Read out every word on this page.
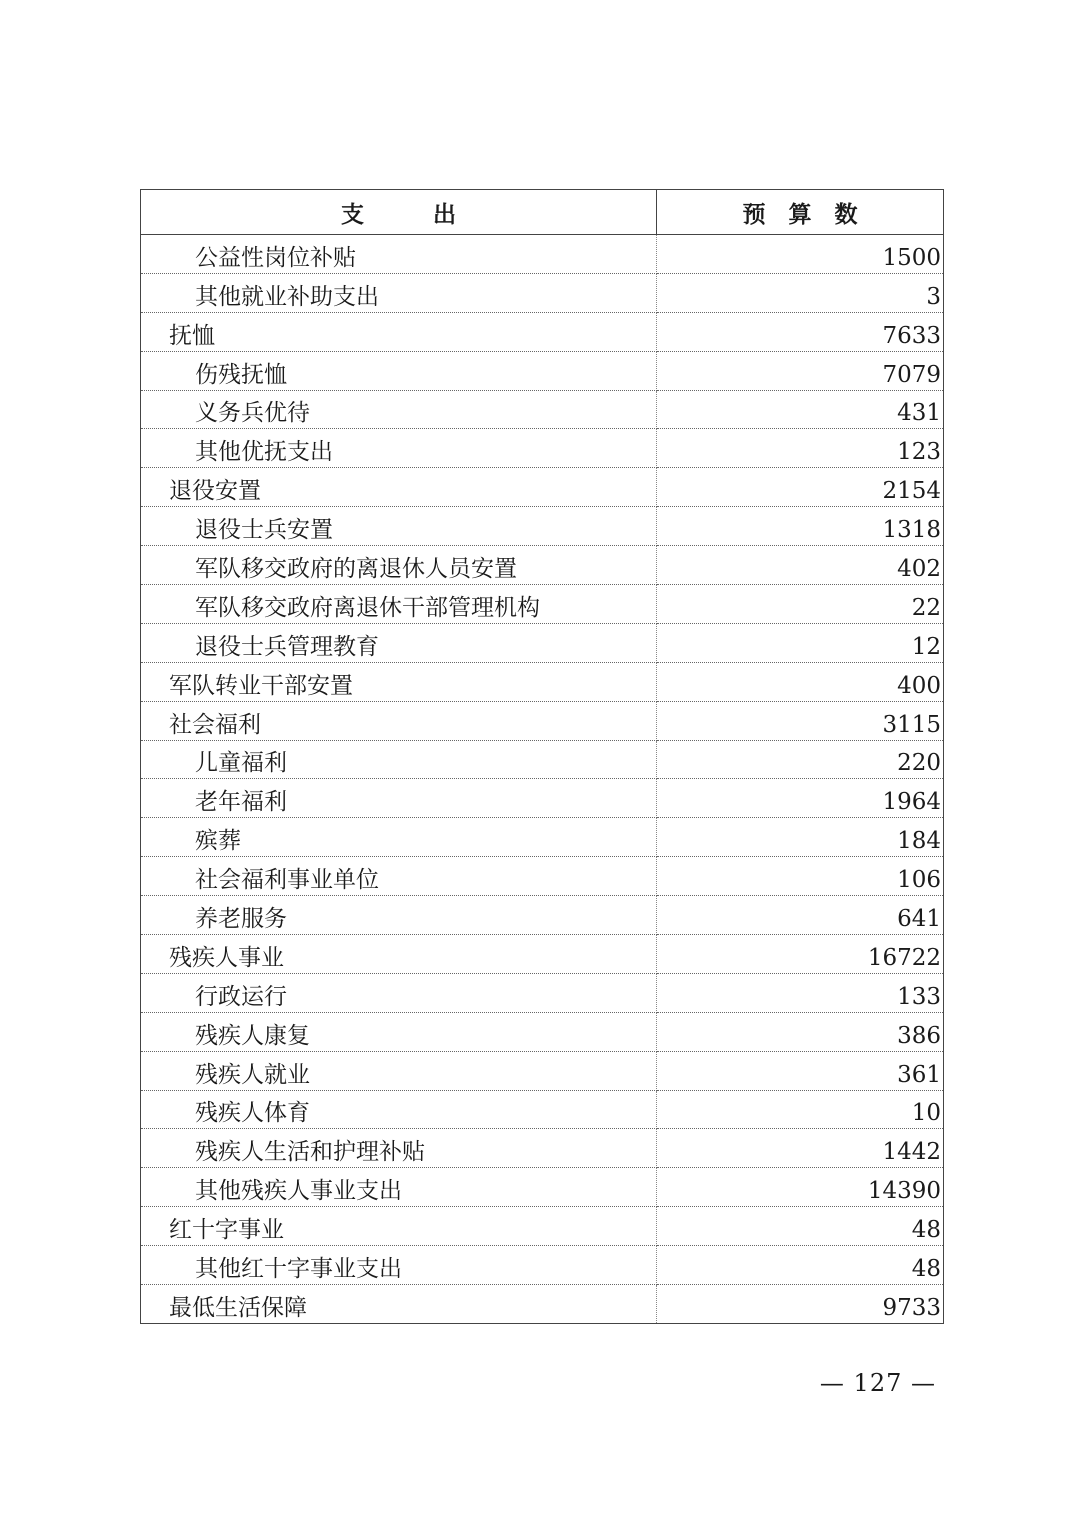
支　　　出	预　算　数
公益性岗位补贴	1500
其他就业补助支出	3
抚恤	7633
伤残抚恤	7079
义务兵优待	431
其他优抚支出	123
退役安置	2154
退役士兵安置	1318
军队移交政府的离退休人员安置	402
军队移交政府离退休干部管理机构	22
退役士兵管理教育	12
军队转业干部安置	400
社会福利	3115
儿童福利	220
老年福利	1964
殡葬	184
社会福利事业单位	106
养老服务	641
残疾人事业	16722
行政运行	133
残疾人康复	386
残疾人就业	361
残疾人体育	10
残疾人生活和护理补贴	1442
其他残疾人事业支出	14390
红十字事业	48
其他红十字事业支出	48
最低生活保障	9733
— 127 —
